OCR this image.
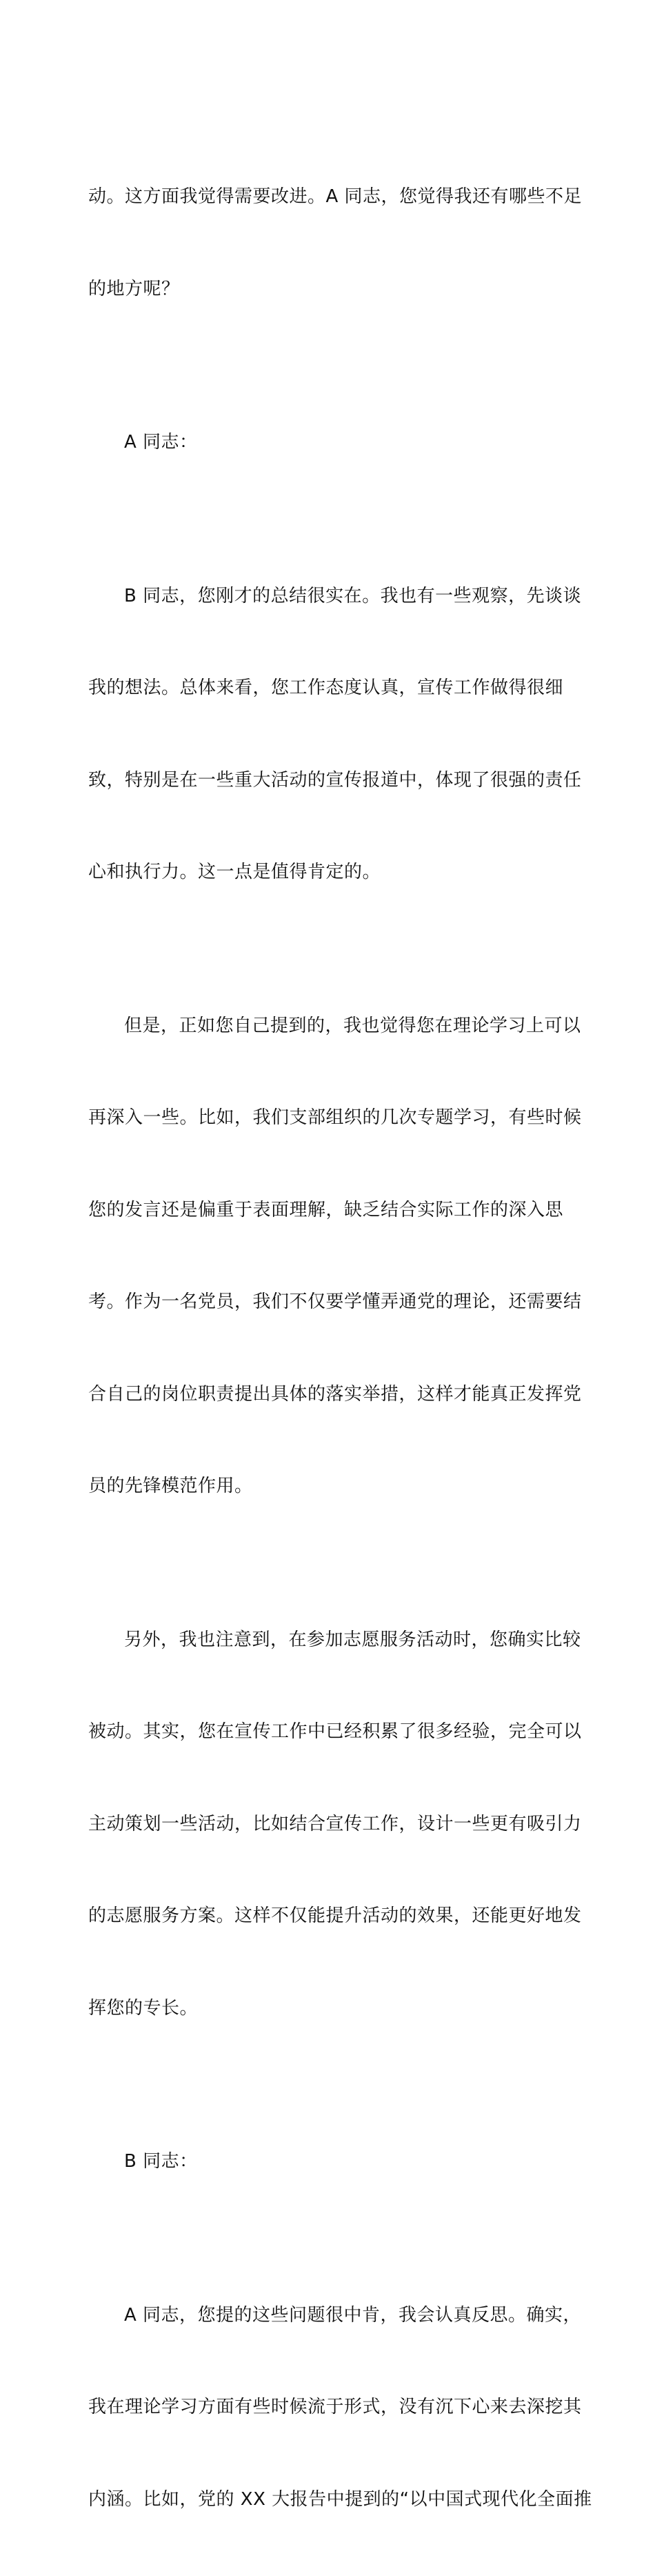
动。这方面我觉得需要改进。A 同志，您觉得我还有哪些不足

的地方呢？

A 同志：

B 同志，您刚才的总结很实在。我也有一些观察，先谈谈

我的想法。总体来看，您工作态度认真，宣传工作做得很细

致，特别是在一些重大活动的宣传报道中，体现了很强的责任

心和执行力。这一点是值得肯定的。

但是，正如您自己提到的，我也觉得您在理论学习上可以

再深入一些。比如，我们支部组织的几次专题学习，有些时候

您的发言还是偏重于表面理解，缺乏结合实际工作的深入思

考。作为一名党员，我们不仅要学懂弄通党的理论，还需要结

合自己的岗位职责提出具体的落实举措，这样才能真正发挥党

员的先锋模范作用。

另外，我也注意到，在参加志愿服务活动时，您确实比较

被动。其实，您在宣传工作中已经积累了很多经验，完全可以

主动策划一些活动，比如结合宣传工作，设计一些更有吸引力

的志愿服务方案。这样不仅能提升活动的效果，还能更好地发

挥您的专长。

B 同志：

A 同志，您提的这些问题很中肯，我会认真反思。确实，

我在理论学习方面有些时候流于形式，没有沉下心来去深挖其

内涵。比如，党的 XX 大报告中提到的“以中国式现代化全面推
